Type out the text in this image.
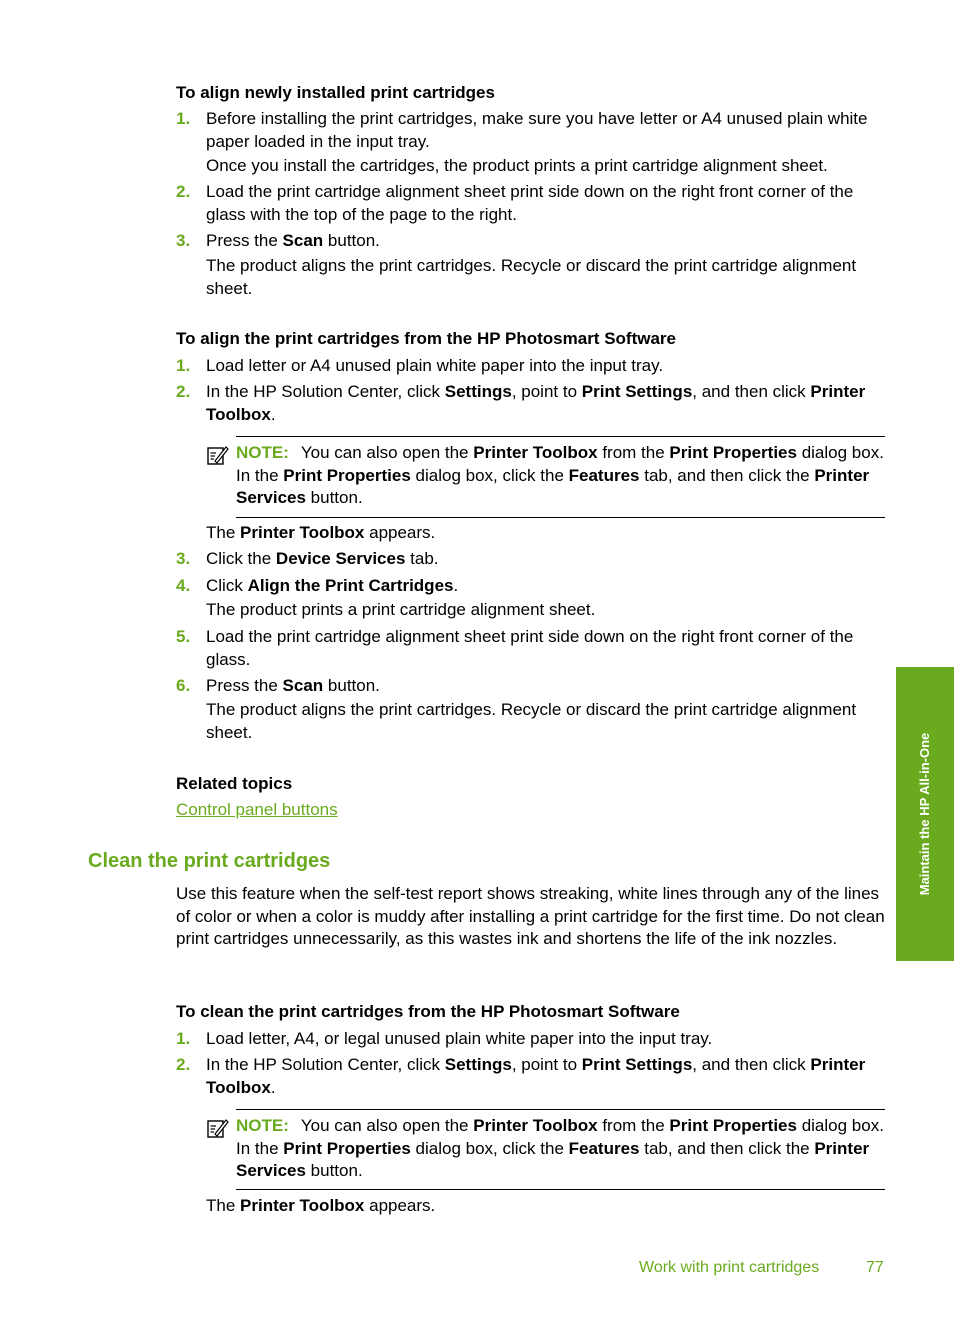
To align newly installed print cartridges
1. Before installing the print cartridges, make sure you have letter or A4 unused plain white paper loaded in the input tray.
Once you install the cartridges, the product prints a print cartridge alignment sheet.
2. Load the print cartridge alignment sheet print side down on the right front corner of the glass with the top of the page to the right.
3. Press the Scan button.
The product aligns the print cartridges. Recycle or discard the print cartridge alignment sheet.
To align the print cartridges from the HP Photosmart Software
1. Load letter or A4 unused plain white paper into the input tray.
2. In the HP Solution Center, click Settings, point to Print Settings, and then click Printer Toolbox.
NOTE: You can also open the Printer Toolbox from the Print Properties dialog box. In the Print Properties dialog box, click the Features tab, and then click the Printer Services button.
The Printer Toolbox appears.
3. Click the Device Services tab.
4. Click Align the Print Cartridges.
The product prints a print cartridge alignment sheet.
5. Load the print cartridge alignment sheet print side down on the right front corner of the glass.
6. Press the Scan button.
The product aligns the print cartridges. Recycle or discard the print cartridge alignment sheet.
Related topics
Control panel buttons
Clean the print cartridges
Use this feature when the self-test report shows streaking, white lines through any of the lines of color or when a color is muddy after installing a print cartridge for the first time. Do not clean print cartridges unnecessarily, as this wastes ink and shortens the life of the ink nozzles.
To clean the print cartridges from the HP Photosmart Software
1. Load letter, A4, or legal unused plain white paper into the input tray.
2. In the HP Solution Center, click Settings, point to Print Settings, and then click Printer Toolbox.
NOTE: You can also open the Printer Toolbox from the Print Properties dialog box. In the Print Properties dialog box, click the Features tab, and then click the Printer Services button.
The Printer Toolbox appears.
Maintain the HP All-in-One
Work with print cartridges	77
